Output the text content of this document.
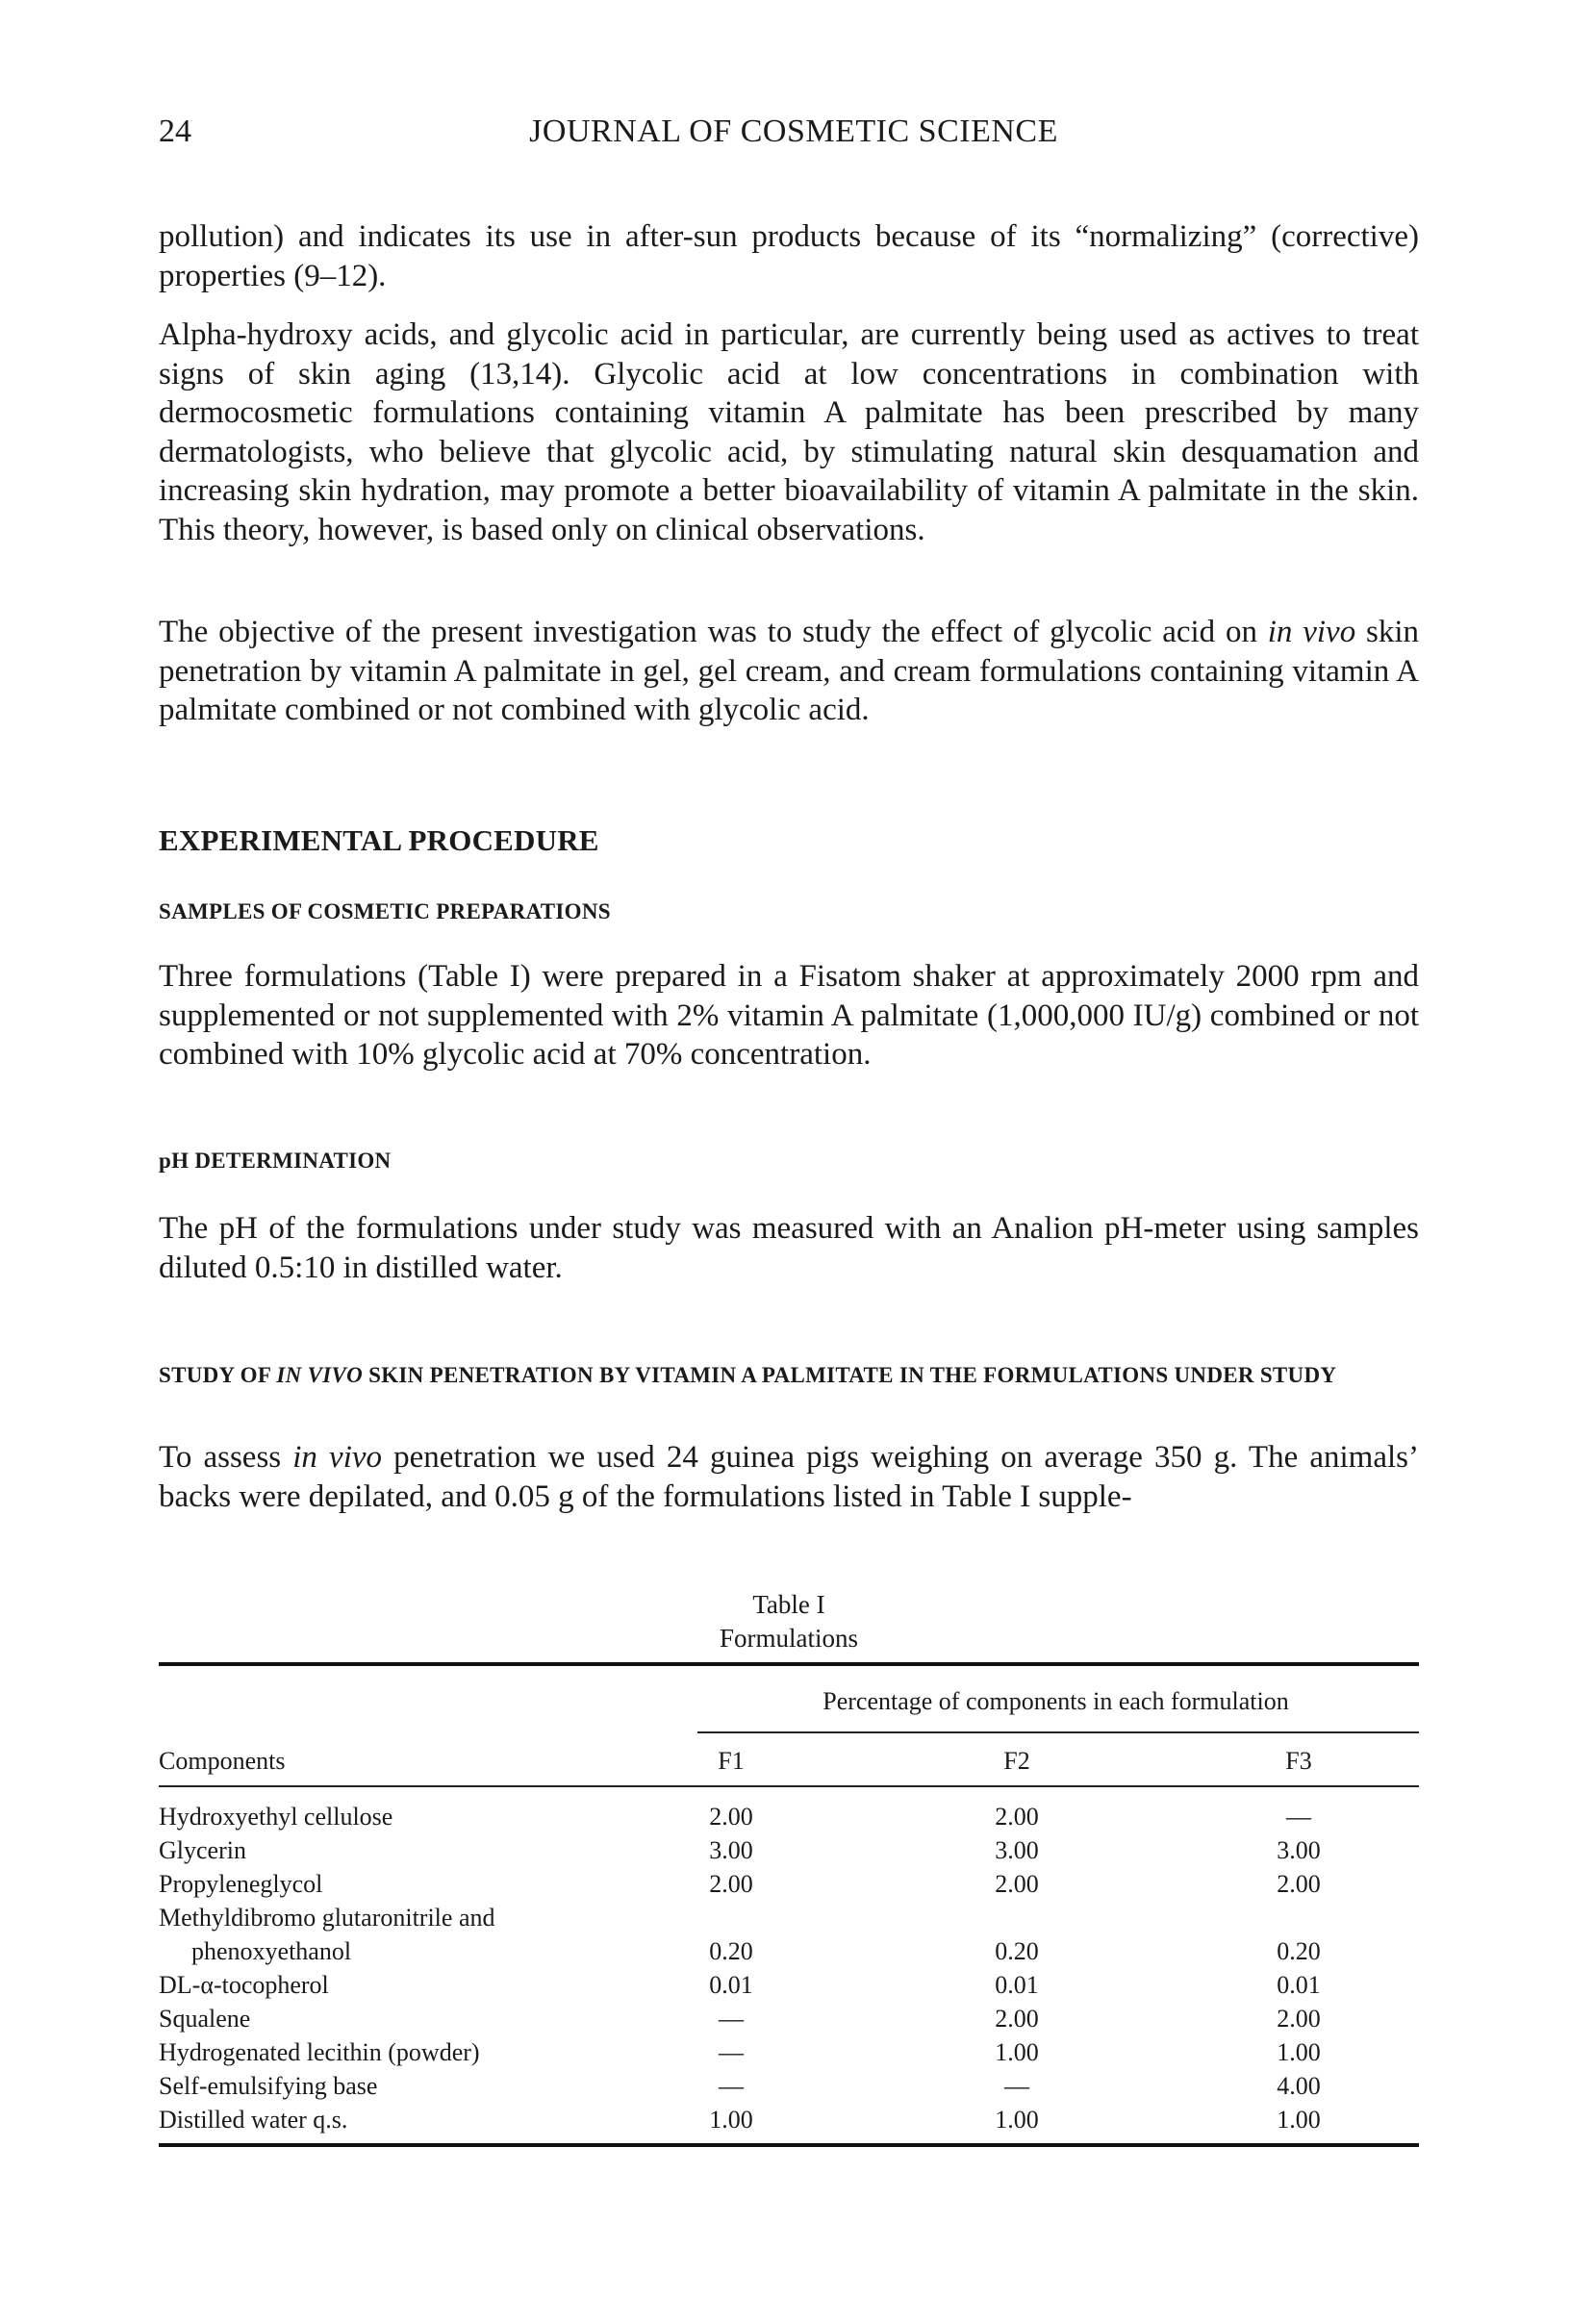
24	JOURNAL OF COSMETIC SCIENCE

pollution) and indicates its use in after-sun products because of its “normalizing” (corrective) properties (9–12).

Alpha-hydroxy acids, and glycolic acid in particular, are currently being used as actives to treat signs of skin aging (13,14). Glycolic acid at low concentrations in combination with dermocosmetic formulations containing vitamin A palmitate has been prescribed by many dermatologists, who believe that glycolic acid, by stimulating natural skin desquamation and increasing skin hydration, may promote a better bioavailability of vitamin A palmitate in the skin. This theory, however, is based only on clinical observations.

The objective of the present investigation was to study the effect of glycolic acid on in vivo skin penetration by vitamin A palmitate in gel, gel cream, and cream formulations containing vitamin A palmitate combined or not combined with glycolic acid.

EXPERIMENTAL PROCEDURE
SAMPLES OF COSMETIC PREPARATIONS

Three formulations (Table I) were prepared in a Fisatom shaker at approximately 2000 rpm and supplemented or not supplemented with 2% vitamin A palmitate (1,000,000 IU/g) combined or not combined with 10% glycolic acid at 70% concentration.

pH DETERMINATION

The pH of the formulations under study was measured with an Analion pH-meter using samples diluted 0.5:10 in distilled water.

STUDY OF IN VIVO SKIN PENETRATION BY VITAMIN A PALMITATE IN THE FORMULATIONS UNDER STUDY

To assess in vivo penetration we used 24 guinea pigs weighing on average 350 g. The animals’ backs were depilated, and 0.05 g of the formulations listed in Table I supple-

Table I
Formulations
Percentage of components in each formulation
Components	F1	F2	F3
Hydroxyethyl cellulose	2.00	2.00	—
Glycerin	3.00	3.00	3.00
Propyleneglycol	2.00	2.00	2.00
Methyldibromo glutaronitrile and
phenoxyethanol	0.20	0.20	0.20
DL-α-tocopherol	0.01	0.01	0.01
Squalene	—	2.00	2.00
Hydrogenated lecithin (powder)	—	1.00	1.00
Self-emulsifying base	—	—	4.00
Distilled water q.s.	1.00	1.00	1.00
